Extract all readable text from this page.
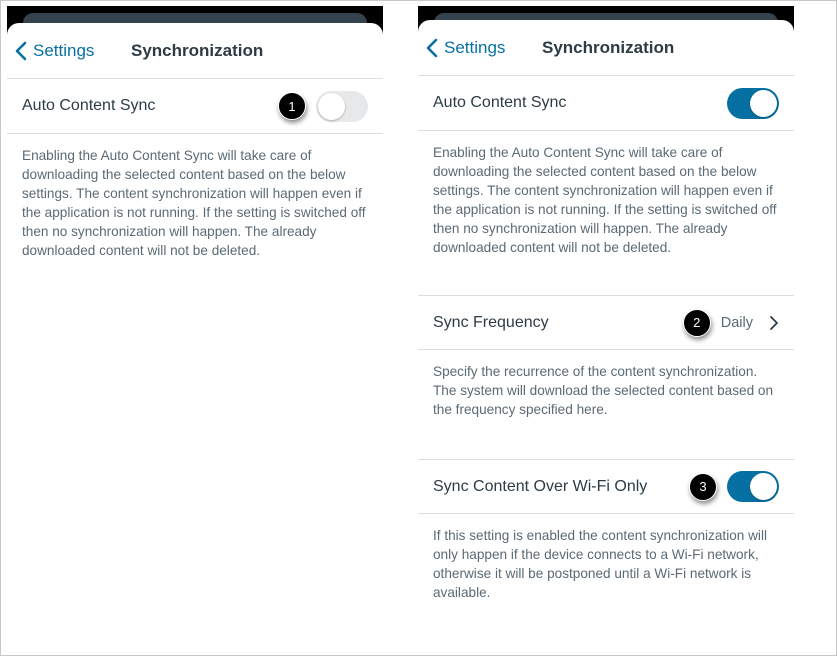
Settings Synchronization
Auto Content Sync	1
Enabling the Auto Content Sync will take care of downloading the selected content based on the below settings. The content synchronization will happen even if the application is not running. If the setting is switched off then no synchronization will happen. The already downloaded content will not be deleted.
Settings Synchronization
Auto Content Sync
Enabling the Auto Content Sync will take care of downloading the selected content based on the below settings. The content synchronization will happen even if the application is not running. If the setting is switched off then no synchronization will happen. The already downloaded content will not be deleted.
Sync Frequency	2	Daily
Specify the recurrence of the content synchronization. The system will download the selected content based on the frequency specified here.
Sync Content Over Wi-Fi Only	3
If this setting is enabled the content synchronization will only happen if the device connects to a Wi-Fi network, otherwise it will be postponed until a Wi-Fi network is available.
